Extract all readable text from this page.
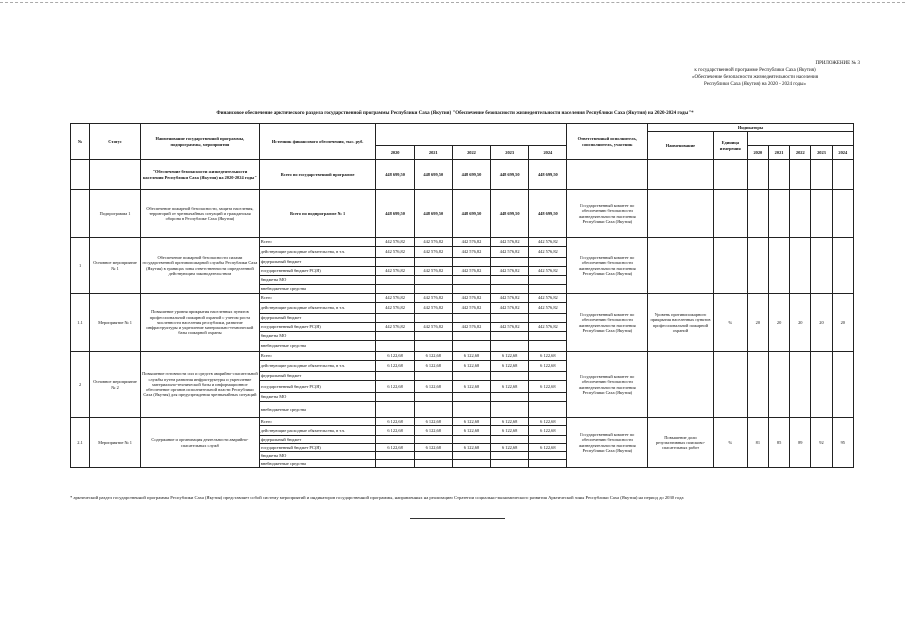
ПРИЛОЖЕНИЕ № 3
к государственной программе Республики Саха (Якутия)
«Обеспечение безопасности жизнедеятельности населения
Республики Саха (Якутия) на 2020 - 2024 годы»
Финансовое обеспечение арктического раздела государственной программы Республики Саха (Якутия) "Обеспечение безопасности жизнедеятельности населения Республики Саха (Якутия) на 2020-2024 годы"*
№	Статус	Наименование государственной программы, подпрограммы, мероприятия	Источник финансового обеспечения, тыс. руб.						Ответственный исполнитель, соисполнитель, участник	Индикаторы						
										Наименование	Единица измерения					
				2020	2021	2022	2023	2024				2020	2021	2022	2023	2024
		"Обеспечение безопасности жизнедеятельности населения Республики Саха (Якутия) на 2020-2024 годы"	Всего по государственной программе	448 699,50	448 699,50	448 699,50	448 699,50	448 699,50								
	Подпрограмма 1	Обеспечение пожарной безопасности, защита населения, территорий от чрезвычайных ситуаций и гражданская оборона в Республике Саха (Якутия)	Всего по подпрограмме № 1	448 699,50	448 699,50	448 699,50	448 699,50	448 699,50	Государственный комитет по обеспечению безопасности жизнедеятельности населения Республики Саха (Якутия)							
1	Основное мероприятие № 1	Обеспечение пожарной безопасности силами государственной противопожарной службы Республики Саха (Якутия) в границах зоны ответственности определенной действующим законодательством	Всего	442 576,82	442 576,82	442 576,82	442 576,82	442 576,82	Государственный комитет по обеспечению безопасности жизнедеятельности населения Республики Саха (Якутия)							
			действующие расходные обязательства, в т.ч.	442 576,82	442 576,82	442 576,82	442 576,82	442 576,82								
			федеральный бюджет													
			государственный бюджет РС(Я)	442 576,82	442 576,82	442 576,82	442 576,82	442 576,82								
			бюджеты МО													
			внебюджетные средства													
1.1	Мероприятие № 1	Повышение уровня прикрытия населенных пунктов профессиональной пожарной охраной с учетом роста численности населения республики, развитие инфраструктуры и укрепление материально-технической базы пожарной охраны	Всего	442 576,82	442 576,82	442 576,82	442 576,82	442 576,82	Государственный комитет по обеспечению безопасности жизнедеятельности населения Республики Саха (Якутия)	Уровень противопожарного прикрытия населенных пунктов профессиональной пожарной охраной	%	20	20	20	20	20
			действующие расходные обязательства, в т.ч.	442 576,82	442 576,82	442 576,82	442 576,82	442 576,82								
			федеральный бюджет													
			государственный бюджет РС(Я)	442 576,82	442 576,82	442 576,82	442 576,82	442 576,82								
			бюджеты МО													
			внебюджетные средства													
2	Основное мероприятие № 2	Повышение готовности сил и средств аварийно-спасательной службы путем развития инфраструктуры и укрепление материально-технической базы и информационное обеспечение органов исполнительной власти Республики Саха (Якутия) для предупреждения чрезвычайных ситуаций	Всего	6 122,68	6 122,68	6 122,68	6 122,68	6 122,68	Государственный комитет по обеспечению безопасности жизнедеятельности населения Республики Саха (Якутия)							
			действующие расходные обязательства, в т.ч.	6 122,68	6 122,68	6 122,68	6 122,68	6 122,68								
			федеральный бюджет													
			государственный бюджет РС(Я)	6 122,68	6 122,68	6 122,68	6 122,68	6 122,68								
			бюджеты МО													
			внебюджетные средства													
2.1	Мероприятие № 1	Содержание и организация деятельности аварийно-спасательных служб	Всего	6 122,68	6 122,68	6 122,68	6 122,68	6 122,68	Государственный комитет по обеспечению безопасности жизнедеятельности населения Республики Саха (Якутия)	Повышение доли результативных поисково-спасательных работ	%	81	85	89	92	95
			действующие расходные обязательства, в т.ч.	6 122,68	6 122,68	6 122,68	6 122,68	6 122,68								
			федеральный бюджет													
			государственный бюджет РС(Я)	6 122,68	6 122,68	6 122,68	6 122,68	6 122,68								
			бюджеты МО													
			внебюджетные средства													
* арктический раздел государственной программы Республики Саха (Якутия) представляет собой систему мероприятий и индикаторов государственной программы, направленных на реализацию Стратегии социально-экономического развития Арктической зоны Республики Саха (Якутия) на период до 2030 года
